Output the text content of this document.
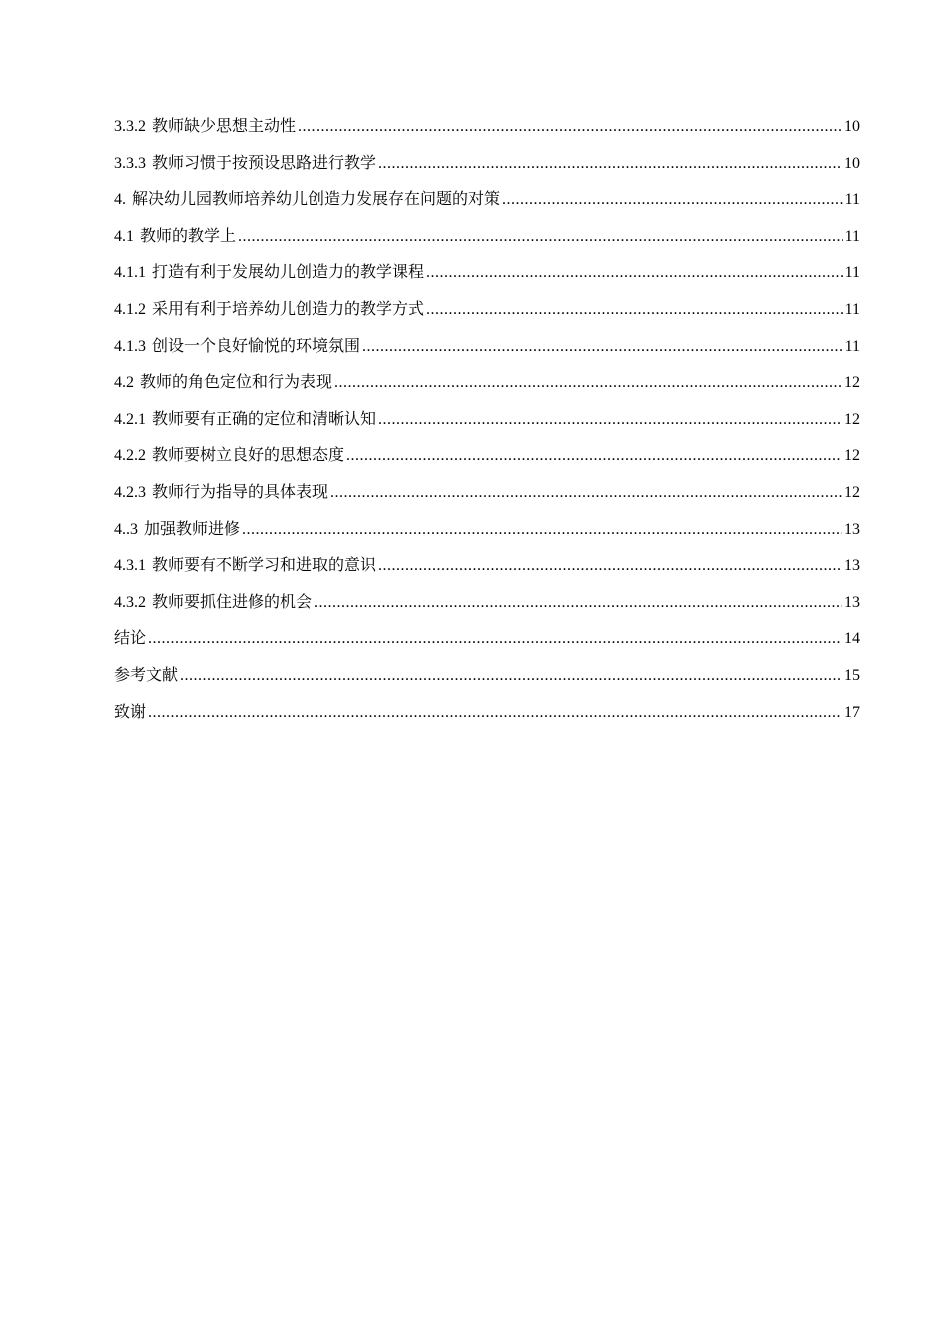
3.3.2 教师缺少思想主动性 .....	10
3.3.3 教师习惯于按预设思路进行教学 .....	10
4. 解决幼儿园教师培养幼儿创造力发展存在问题的对策 .....	11
4.1 教师的教学上 .....	11
4.1.1 打造有利于发展幼儿创造力的教学课程 .....	11
4.1.2 采用有利于培养幼儿创造力的教学方式 .....	11
4.1.3 创设一个良好愉悦的环境氛围 .....	11
4.2 教师的角色定位和行为表现 .....	12
4.2.1 教师要有正确的定位和清晰认知 .....	12
4.2.2 教师要树立良好的思想态度 .....	12
4.2.3 教师行为指导的具体表现 .....	12
4..3 加强教师进修 .....	13
4.3.1 教师要有不断学习和进取的意识 .....	13
4.3.2 教师要抓住进修的机会 .....	13
结论 .....	14
参考文献 .....	15
致谢 .....	17
